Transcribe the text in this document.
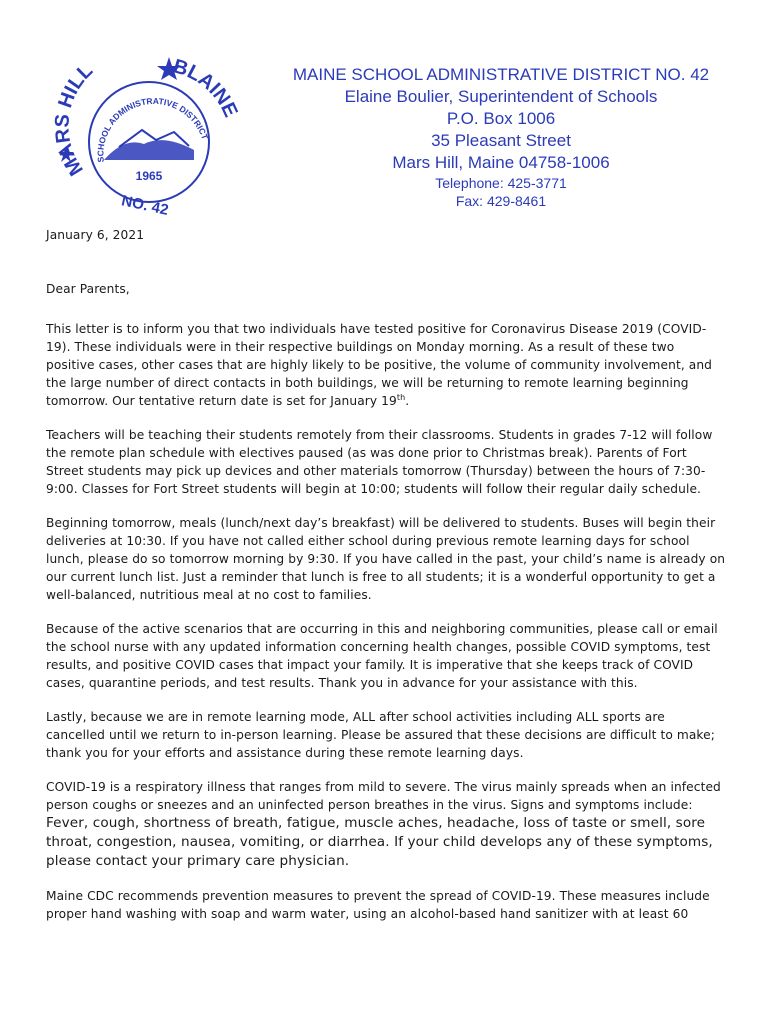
MARS HILL	BLAINE
SCHOOL ADMINISTRATIVE DISTRICT
1965
NO. 42
MAINE SCHOOL ADMINISTRATIVE DISTRICT NO. 42
Elaine Boulier, Superintendent of Schools
P.O. Box 1006
35 Pleasant Street
Mars Hill, Maine 04758-1006
Telephone: 425-3771
Fax: 429-8461

January 6, 2021

Dear Parents,

This letter is to inform you that two individuals have tested positive for Coronavirus Disease 2019 (COVID-19). These individuals were in their respective buildings on Monday morning. As a result of these two positive cases, other cases that are highly likely to be positive, the volume of community involvement, and the large number of direct contacts in both buildings, we will be returning to remote learning beginning tomorrow. Our tentative return date is set for January 19th.

Teachers will be teaching their students remotely from their classrooms. Students in grades 7-12 will follow the remote plan schedule with electives paused (as was done prior to Christmas break). Parents of Fort Street students may pick up devices and other materials tomorrow (Thursday) between the hours of 7:30-9:00. Classes for Fort Street students will begin at 10:00; students will follow their regular daily schedule.

Beginning tomorrow, meals (lunch/next day’s breakfast) will be delivered to students. Buses will begin their deliveries at 10:30. If you have not called either school during previous remote learning days for school lunch, please do so tomorrow morning by 9:30. If you have called in the past, your child’s name is already on our current lunch list. Just a reminder that lunch is free to all students; it is a wonderful opportunity to get a well-balanced, nutritious meal at no cost to families.

Because of the active scenarios that are occurring in this and neighboring communities, please call or email the school nurse with any updated information concerning health changes, possible COVID symptoms, test results, and positive COVID cases that impact your family. It is imperative that she keeps track of COVID cases, quarantine periods, and test results. Thank you in advance for your assistance with this.

Lastly, because we are in remote learning mode, ALL after school activities including ALL sports are cancelled until we return to in-person learning. Please be assured that these decisions are difficult to make; thank you for your efforts and assistance during these remote learning days.

COVID-19 is a respiratory illness that ranges from mild to severe. The virus mainly spreads when an infected person coughs or sneezes and an uninfected person breathes in the virus. Signs and symptoms include: Fever, cough, shortness of breath, fatigue, muscle aches, headache, loss of taste or smell, sore throat, congestion, nausea, vomiting, or diarrhea. If your child develops any of these symptoms, please contact your primary care physician.

Maine CDC recommends prevention measures to prevent the spread of COVID-19. These measures include proper hand washing with soap and warm water, using an alcohol-based hand sanitizer with at least 60
